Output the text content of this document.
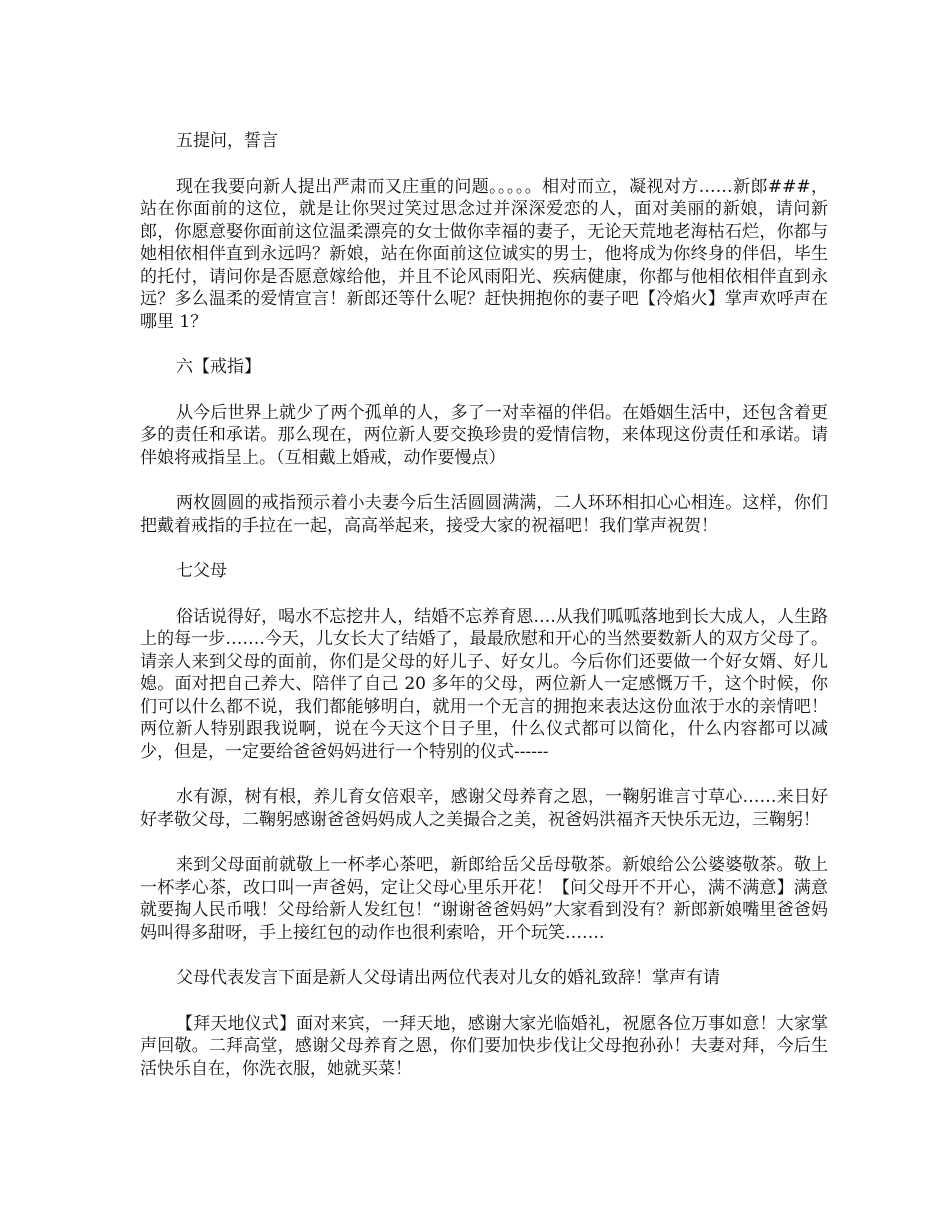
五提问，誓言

现在我要向新人提出严肃而又庄重的问题。。。。。相对而立，凝视对方……新郎###，站在你面前的这位，就是让你哭过笑过思念过并深深爱恋的人，面对美丽的新娘，请问新郎，你愿意娶你面前这位温柔漂亮的女士做你幸福的妻子，无论天荒地老海枯石烂，你都与她相依相伴直到永远吗？新娘，站在你面前这位诚实的男士，他将成为你终身的伴侣，毕生的托付，请问你是否愿意嫁给他，并且不论风雨阳光、疾病健康，你都与他相依相伴直到永远？多么温柔的爱情宣言！新郎还等什么呢？赶快拥抱你的妻子吧【冷焰火】掌声欢呼声在哪里 1？

六【戒指】

从今后世界上就少了两个孤单的人，多了一对幸福的伴侣。在婚姻生活中，还包含着更多的责任和承诺。那么现在，两位新人要交换珍贵的爱情信物，来体现这份责任和承诺。请伴娘将戒指呈上。（互相戴上婚戒，动作要慢点）

两枚圆圆的戒指预示着小夫妻今后生活圆圆满满，二人环环相扣心心相连。这样，你们把戴着戒指的手拉在一起，高高举起来，接受大家的祝福吧！我们掌声祝贺！

七父母

俗话说得好，喝水不忘挖井人，结婚不忘养育恩….从我们呱呱落地到长大成人，人生路上的每一步…….今天，儿女长大了结婚了，最最欣慰和开心的当然要数新人的双方父母了。请亲人来到父母的面前，你们是父母的好儿子、好女儿。今后你们还要做一个好女婿、好儿媳。面对把自己养大、陪伴了自己 20 多年的父母，两位新人一定感慨万千，这个时候，你们可以什么都不说，我们都能够明白，就用一个无言的拥抱来表达这份血浓于水的亲情吧！两位新人特别跟我说啊，说在今天这个日子里，什么仪式都可以简化，什么内容都可以减少，但是，一定要给爸爸妈妈进行一个特别的仪式------

水有源，树有根，养儿育女倍艰辛，感谢父母养育之恩，一鞠躬谁言寸草心……来日好好孝敬父母，二鞠躬感谢爸爸妈妈成人之美撮合之美，祝爸妈洪福齐天快乐无边，三鞠躬！

来到父母面前就敬上一杯孝心茶吧，新郎给岳父岳母敬茶。新娘给公公婆婆敬茶。敬上一杯孝心茶，改口叫一声爸妈，定让父母心里乐开花！【问父母开不开心，满不满意】满意就要掏人民币哦！父母给新人发红包！“谢谢爸爸妈妈”大家看到没有？新郎新娘嘴里爸爸妈妈叫得多甜呀，手上接红包的动作也很利索哈，开个玩笑…….

父母代表发言下面是新人父母请出两位代表对儿女的婚礼致辞！掌声有请

【拜天地仪式】面对来宾，一拜天地，感谢大家光临婚礼，祝愿各位万事如意！大家掌声回敬。二拜高堂，感谢父母养育之恩，你们要加快步伐让父母抱孙孙！夫妻对拜，今后生活快乐自在，你洗衣服，她就买菜！
